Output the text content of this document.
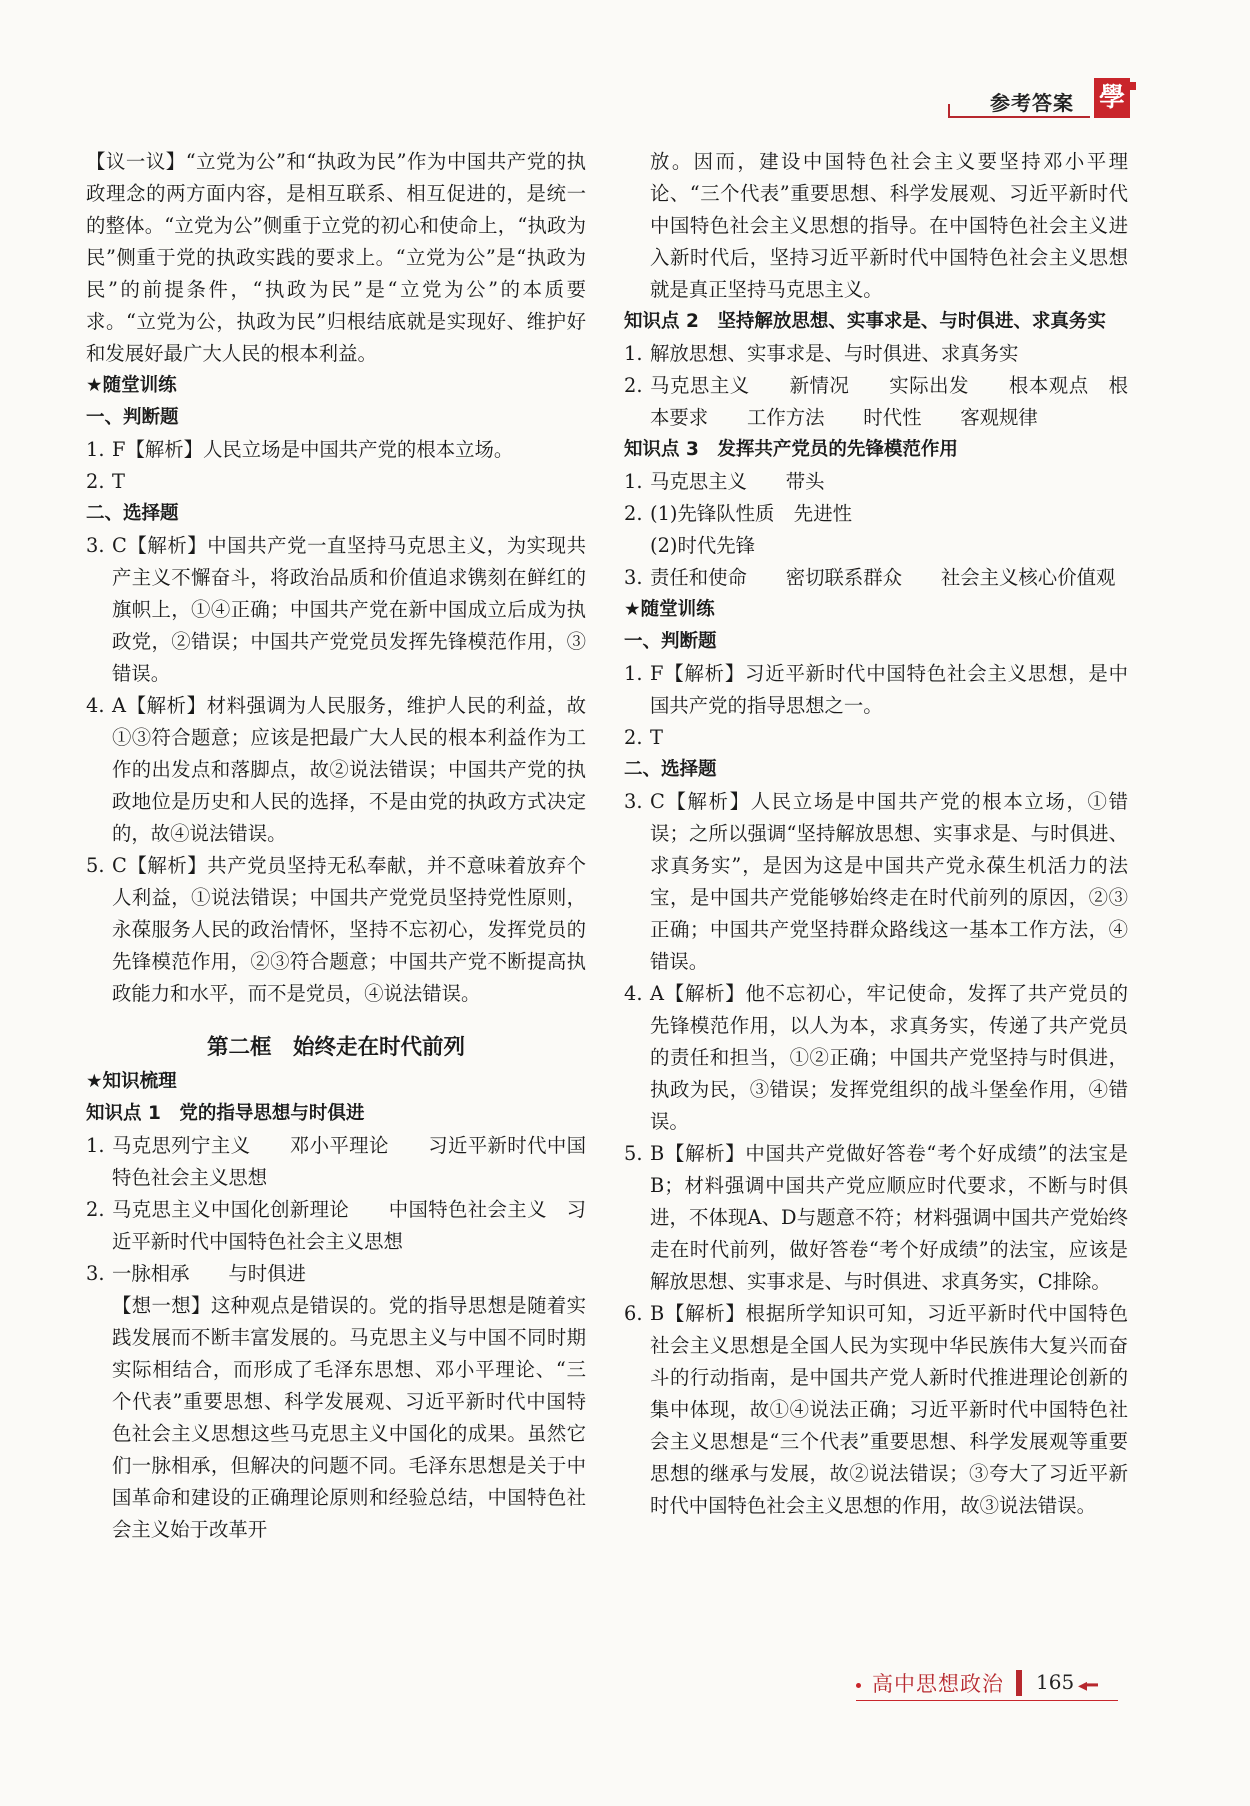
参考答案 學
【议一议】“立党为公”和“执政为民”作为中国共产党的执政理念的两方面内容，是相互联系、相互促进的，是统一的整体。“立党为公”侧重于立党的初心和使命上，“执政为民”侧重于党的执政实践的要求上。“立党为公”是“执政为民”的前提条件，“执政为民”是“立党为公”的本质要求。“立党为公，执政为民”归根结底就是实现好、维护好和发展好最广大人民的根本利益。
★随堂训练
一、判断题
1. F【解析】人民立场是中国共产党的根本立场。
2. T
二、选择题
3. C【解析】中国共产党一直坚持马克思主义，为实现共产主义不懈奋斗，将政治品质和价值追求镌刻在鲜红的旗帜上，①④正确；中国共产党在新中国成立后成为执政党，②错误；中国共产党党员发挥先锋模范作用，③错误。
4. A【解析】材料强调为人民服务，维护人民的利益，故①③符合题意；应该是把最广大人民的根本利益作为工作的出发点和落脚点，故②说法错误；中国共产党的执政地位是历史和人民的选择，不是由党的执政方式决定的，故④说法错误。
5. C【解析】共产党员坚持无私奉献，并不意味着放弃个人利益，①说法错误；中国共产党党员坚持党性原则，永葆服务人民的政治情怀，坚持不忘初心，发挥党员的先锋模范作用，②③符合题意；中国共产党不断提高执政能力和水平，而不是党员，④说法错误。
第二框　始终走在时代前列
★知识梳理
知识点 1　党的指导思想与时俱进
1. 马克思列宁主义　　邓小平理论　　习近平新时代中国特色社会主义思想
2. 马克思主义中国化创新理论　　中国特色社会主义　习近平新时代中国特色社会主义思想
3. 一脉相承　　与时俱进
【想一想】这种观点是错误的。党的指导思想是随着实践发展而不断丰富发展的。马克思主义与中国不同时期实际相结合，而形成了毛泽东思想、邓小平理论、“三个代表”重要思想、科学发展观、习近平新时代中国特色社会主义思想这些马克思主义中国化的成果。虽然它们一脉相承，但解决的问题不同。毛泽东思想是关于中国革命和建设的正确理论原则和经验总结，中国特色社会主义始于改革开
放。因而，建设中国特色社会主义要坚持邓小平理论、“三个代表”重要思想、科学发展观、习近平新时代中国特色社会主义思想的指导。在中国特色社会主义进入新时代后，坚持习近平新时代中国特色社会主义思想就是真正坚持马克思主义。
知识点 2　坚持解放思想、实事求是、与时俱进、求真务实
1. 解放思想、实事求是、与时俱进、求真务实
2. 马克思主义　　新情况　　实际出发　　根本观点　根本要求　　工作方法　　时代性　　客观规律
知识点 3　发挥共产党员的先锋模范作用
1. 马克思主义　　带头
2. (1)先锋队性质　先进性
(2)时代先锋
3. 责任和使命　　密切联系群众　　社会主义核心价值观
★随堂训练
一、判断题
1. F【解析】习近平新时代中国特色社会主义思想，是中国共产党的指导思想之一。
2. T
二、选择题
3. C【解析】人民立场是中国共产党的根本立场，①错误；之所以强调“坚持解放思想、实事求是、与时俱进、求真务实”，是因为这是中国共产党永葆生机活力的法宝，是中国共产党能够始终走在时代前列的原因，②③正确；中国共产党坚持群众路线这一基本工作方法，④错误。
4. A【解析】他不忘初心，牢记使命，发挥了共产党员的先锋模范作用，以人为本，求真务实，传递了共产党员的责任和担当，①②正确；中国共产党坚持与时俱进，执政为民，③错误；发挥党组织的战斗堡垒作用，④错误。
5. B【解析】中国共产党做好答卷“考个好成绩”的法宝是B；材料强调中国共产党应顺应时代要求，不断与时俱进，不体现A、D与题意不符；材料强调中国共产党始终走在时代前列，做好答卷“考个好成绩”的法宝，应该是解放思想、实事求是、与时俱进、求真务实，C排除。
6. B【解析】根据所学知识可知，习近平新时代中国特色社会主义思想是全国人民为实现中华民族伟大复兴而奋斗的行动指南，是中国共产党人新时代推进理论创新的集中体现，故①④说法正确；习近平新时代中国特色社会主义思想是“三个代表”重要思想、科学发展观等重要思想的继承与发展，故②说法错误；③夸大了习近平新时代中国特色社会主义思想的作用，故③说法错误。
高中思想政治 165 ◂━
